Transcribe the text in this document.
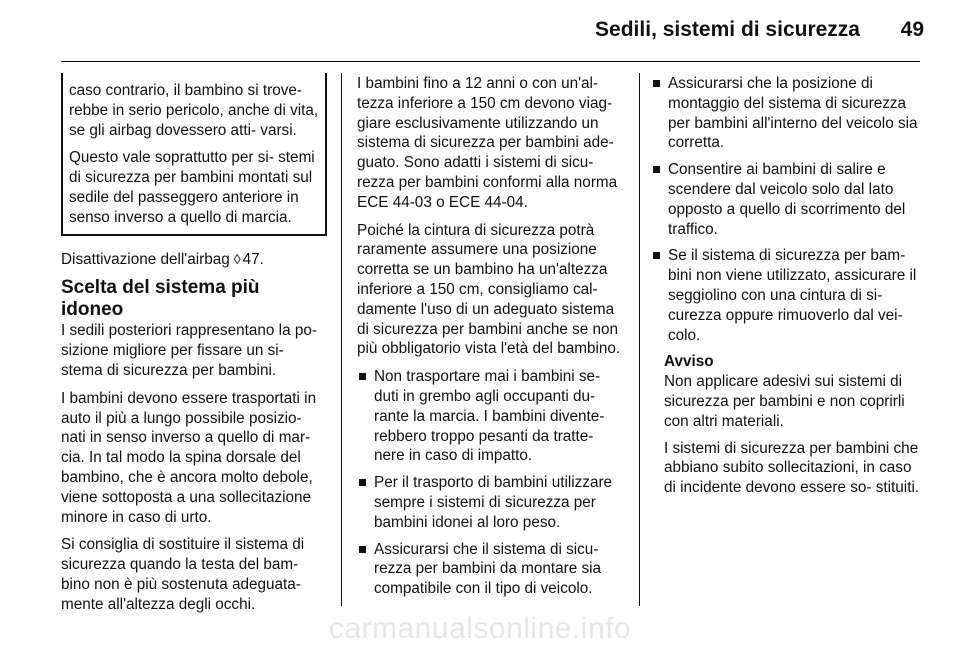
Sedili, sistemi di sicurezza	49

caso contrario, il bambino si trove- rebbe in serio pericolo, anche di vita, se gli airbag dovessero atti- varsi.

Questo vale soprattutto per si- stemi di sicurezza per bambini montati sul sedile del passeggero anteriore in senso inverso a quello di marcia.

Disattivazione dell'airbag ◊ 47.

Scelta del sistema più idoneo

I sedili posteriori rappresentano la po- sizione migliore per fissare un si- stema di sicurezza per bambini.

I bambini devono essere trasportati in auto il più a lungo possibile posizio- nati in senso inverso a quello di mar- cia. In tal modo la spina dorsale del bambino, che è ancora molto debole, viene sottoposta a una sollecitazione minore in caso di urto.

Si consiglia di sostituire il sistema di sicurezza quando la testa del bam- bino non è più sostenuta adeguata- mente all'altezza degli occhi.

I bambini fino a 12 anni o con un'al- tezza inferiore a 150 cm devono viag- giare esclusivamente utilizzando un sistema di sicurezza per bambini ade- guato. Sono adatti i sistemi di sicu- rezza per bambini conformi alla norma ECE 44-03 o ECE 44-04.

Poiché la cintura di sicurezza potrà raramente assumere una posizione corretta se un bambino ha un'altezza inferiore a 150 cm, consigliamo cal- damente l'uso di un adeguato sistema di sicurezza per bambini anche se non più obbligatorio vista l'età del bambino.

Non trasportare mai i bambini se- duti in grembo agli occupanti du- rante la marcia. I bambini divente- rebbero troppo pesanti da tratte- nere in caso di impatto.
Per il trasporto di bambini utilizzare sempre i sistemi di sicurezza per bambini idonei al loro peso.
Assicurarsi che il sistema di sicu- rezza per bambini da montare sia compatibile con il tipo di veicolo.
Assicurarsi che la posizione di montaggio del sistema di sicurezza per bambini all'interno del veicolo sia corretta.
Consentire ai bambini di salire e scendere dal veicolo solo dal lato opposto a quello di scorrimento del traffico.
Se il sistema di sicurezza per bam- bini non viene utilizzato, assicurare il seggiolino con una cintura di si- curezza oppure rimuoverlo dal vei- colo.
Avviso

Non applicare adesivi sui sistemi di sicurezza per bambini e non coprirli con altri materiali.

I sistemi di sicurezza per bambini che abbiano subito sollecitazioni, in caso di incidente devono essere so- stituiti.

carmanualsonline.info
